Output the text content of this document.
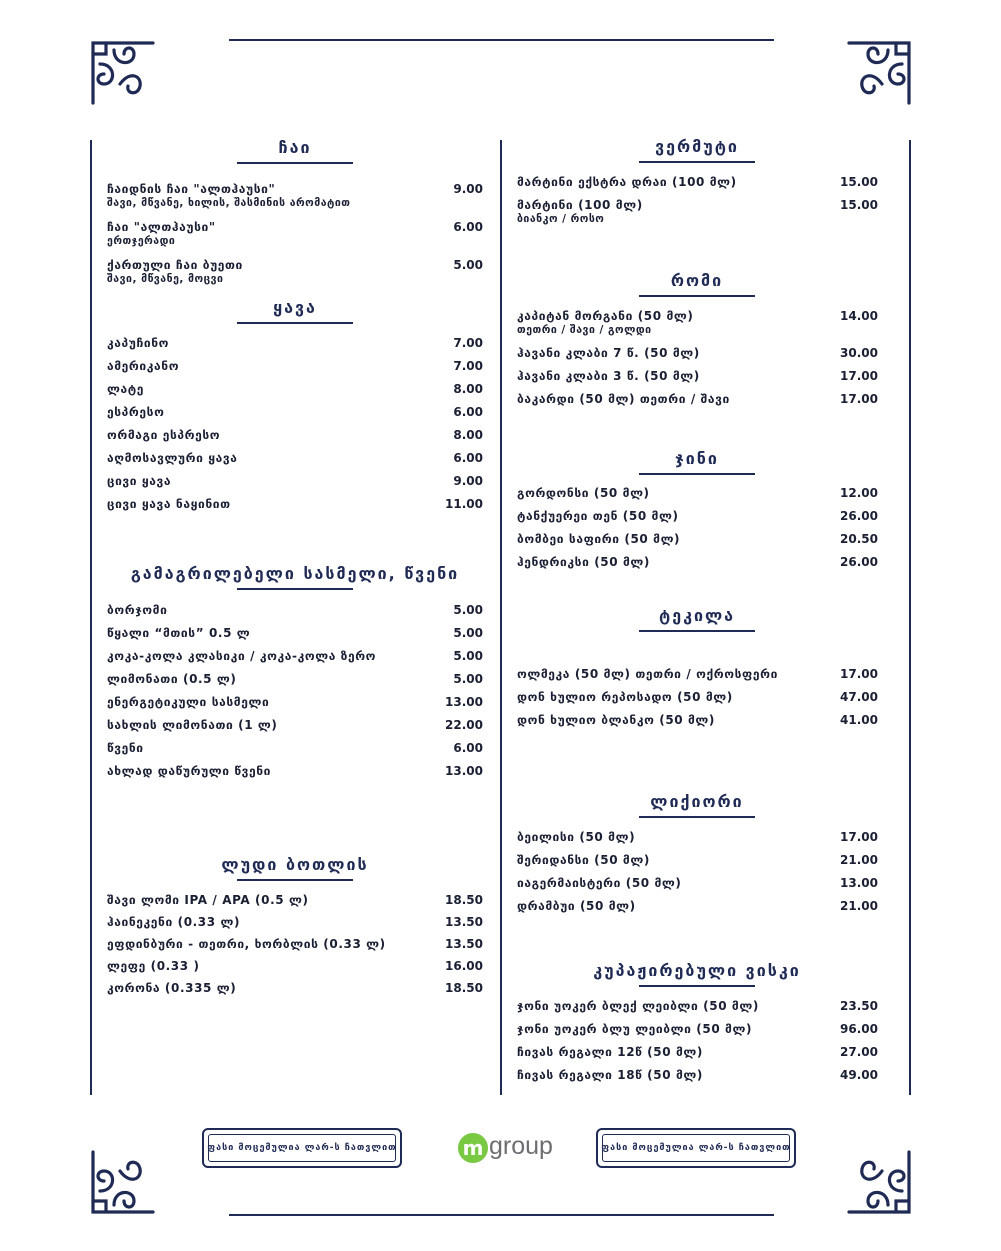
ჩაი
ჩაიდნის ჩაი "ალთჰაუსი"
შავი, მწვანე, ხილის, შასმინის არომატით
9.00
ჩაი "ალთჰაუსი"
ერთჯერადი
6.00
ქართული ჩაი ბუეთი
შავი, მწვანე, მოცვი
5.00
ყავა
კაპუჩინო	7.00
ამერიკანო	7.00
ლატე	8.00
ესპრესო	6.00
ორმაგი ესპრესო	8.00
აღმოსავლური ყავა	6.00
ცივი ყავა	9.00
ცივი ყავა ნაყინით	11.00
გამაგრილებელი სასმელი, წვენი
ბორჯომი	5.00
წყალი “მთის” 0.5 ლ	5.00
კოკა-კოლა კლასიკი / კოკა-კოლა ზერო	5.00
ლიმონათი (0.5 ლ)	5.00
ენერგეტიკული სასმელი	13.00
სახლის ლიმონათი (1 ლ)	22.00
წვენი	6.00
ახლად დაწურული წვენი	13.00
ლუდი ბოთლის
შავი ლომი IPA / APA (0.5 ლ)	18.50
ჰაინეკენი (0.33 ლ)	13.50
ეფდინბური - თეთრი, ხორბლის (0.33 ლ)	13.50
ლეფე (0.33 )	16.00
კორონა (0.335 ლ)	18.50
ვერმუტი
მარტინი ექსტრა დრაი (100 მლ)	15.00
მარტინი (100 მლ)
ბიანკო / როსო
15.00
რომი
კაპიტან მორგანი (50 მლ)
თეთრი / შავი / გოლდი
14.00
ჰავანი კლაბი 7 წ. (50 მლ)	30.00
ჰავანი კლაბი 3 წ. (50 მლ)	17.00
ბაკარდი (50 მლ) თეთრი / შავი	17.00
ჯინი
გორდონსი (50 მლ)	12.00
ტანქუერეი თენ (50 მლ)	26.00
ბომბეი საფირი (50 მლ)	20.50
ჰენდრიკსი (50 მლ)	26.00
ტეკილა
ოლმეკა (50 მლ) თეთრი / ოქროსფერი	17.00
დონ ხულიო რეპოსადო (50 მლ)	47.00
დონ ხულიო ბლანკო (50 მლ)	41.00
ლიქიორი
ბეილისი (50 მლ)	17.00
შერიდანსი (50 მლ)	21.00
იაგერმაისტერი (50 მლ)	13.00
დრამბუი (50 მლ)	21.00
კუპაჟირებული ვისკი
ჯონი უოკერ ბლექ ლეიბლი (50 მლ)	23.50
ჯონი უოკერ ბლუ ლეიბლი (50 მლ)	96.00
ჩივას რეგალი 12წ (50 მლ)	27.00
ჩივას რეგალი 18წ (50 მლ)	49.00
ფასი მოცემულია ლარ-ს ჩათვლით	ფასი მოცემულია ლარ-ს ჩათვლით
m group
